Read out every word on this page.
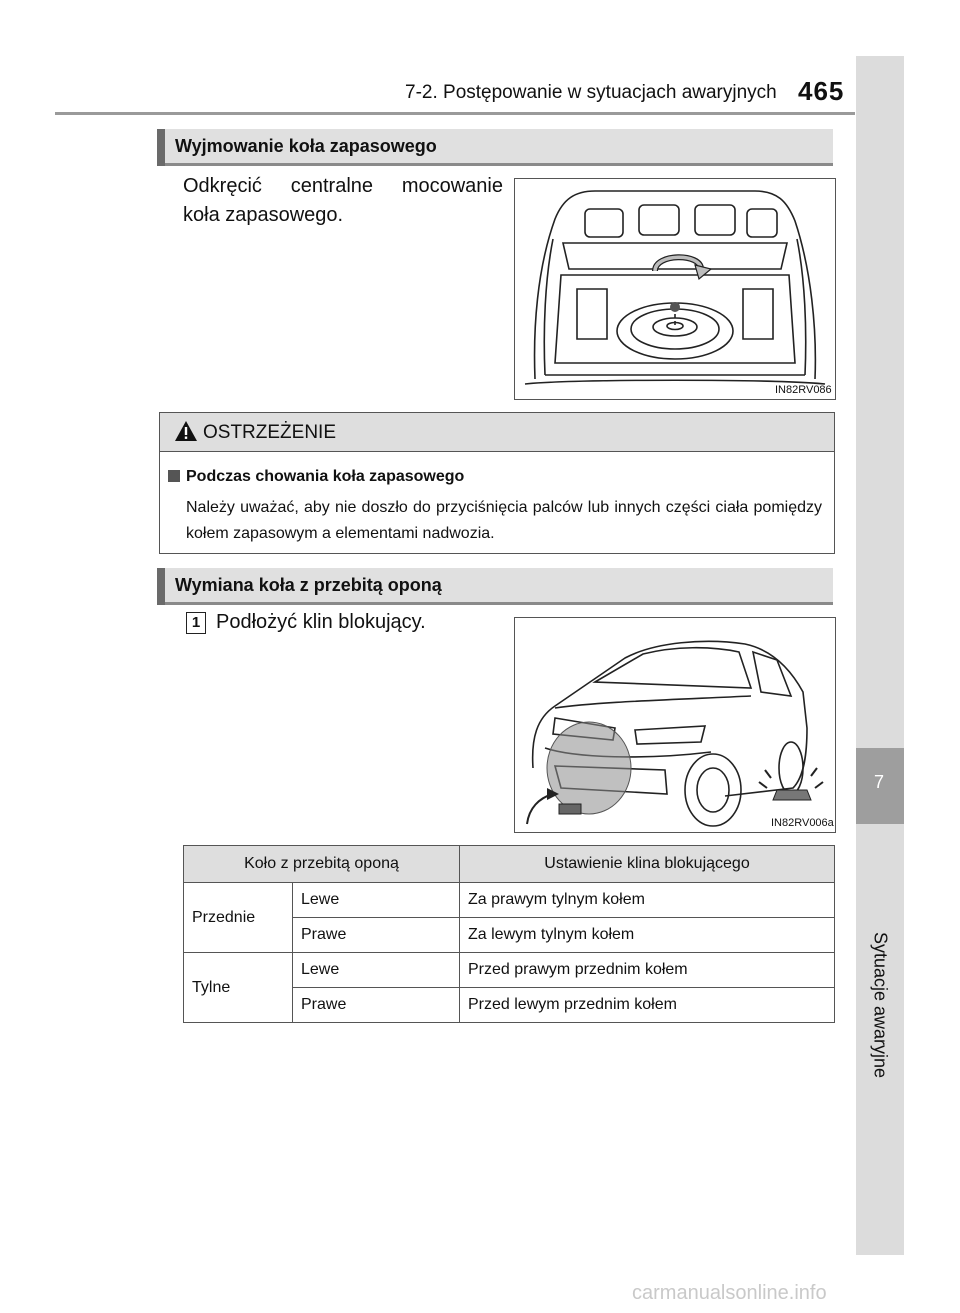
7-2. Postępowanie w sytuacjach awaryjnych 465
7
Sytuacje awaryjne
Wyjmowanie koła zapasowego
Odkręcić centralne mocowanie
koła zapasowego.
IN82RV086
OSTRZEŻENIE
Podczas chowania koła zapasowego
Należy uważać, aby nie doszło do przyciśnięcia palców lub innych części ciała pomiędzy kołem zapasowym a elementami nadwozia.
Wymiana koła z przebitą oponą
1 Podłożyć klin blokujący.
IN82RV006a
Koło z przebitą oponą		Ustawienie klina blokującego
Przednie	Lewe	Za prawym tylnym kołem
	Prawe	Za lewym tylnym kołem
Tylne	Lewe	Przed prawym przednim kołem
	Prawe	Przed lewym przednim kołem
carmanualsonline.info
